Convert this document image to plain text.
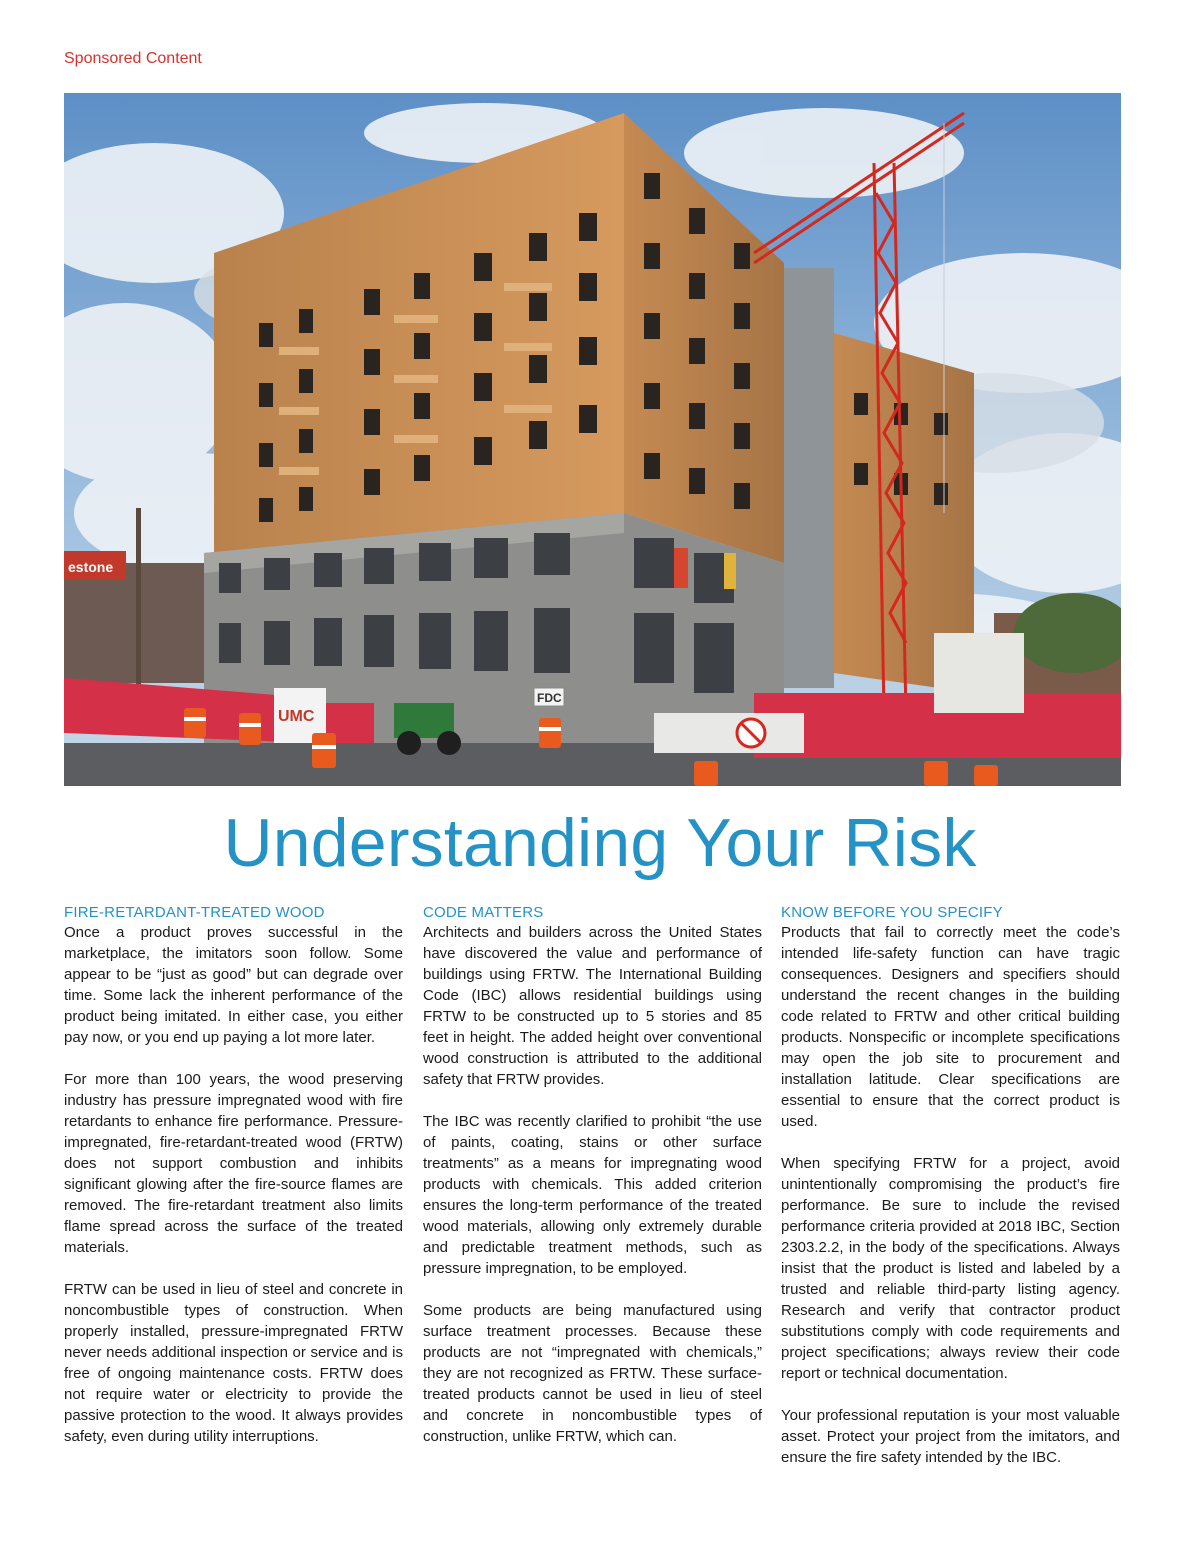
Sponsored Content
estone
UMC
FDC
Understanding Your Risk
FIRE-RETARDANT-TREATED WOOD

Once a product proves successful in the marketplace, the imitators soon follow. Some appear to be “just as good” but can degrade over time. Some lack the inherent performance of the product being imitated. In either case, you either pay now, or you end up paying a lot more later.

For more than 100 years, the wood preserving industry has pressure impregnated wood with fire retardants to enhance fire performance. Pressure-impregnated, fire-retardant-treated wood (FRTW) does not support combustion and inhibits significant glowing after the fire-source flames are removed. The fire-retardant treatment also limits flame spread across the surface of the treated materials.

FRTW can be used in lieu of steel and concrete in noncombustible types of construction. When properly installed, pressure-impregnated FRTW never needs additional inspection or service and is free of ongoing maintenance costs. FRTW does not require water or electricity to provide the passive protection to the wood. It always provides safety, even during utility interruptions.

CODE MATTERS

Architects and builders across the United States have discovered the value and performance of buildings using FRTW. The International Building Code (IBC) allows residential buildings using FRTW to be constructed up to 5 stories and 85 feet in height. The added height over conventional wood construction is attributed to the additional safety that FRTW provides.

The IBC was recently clarified to prohibit “the use of paints, coating, stains or other surface treatments” as a means for impregnating wood products with chemicals. This added criterion ensures the long-term performance of the treated wood materials, allowing only extremely durable and predictable treatment methods, such as pressure impregnation, to be employed.

Some products are being manufactured using surface treatment processes. Because these products are not “impregnated with chemicals,” they are not recognized as FRTW. These surface-treated products cannot be used in lieu of steel and concrete in noncombustible types of construction, unlike FRTW, which can.

KNOW BEFORE YOU SPECIFY

Products that fail to correctly meet the code’s intended life-safety function can have tragic consequences. Designers and specifiers should understand the recent changes in the building code related to FRTW and other critical building products. Nonspecific or incomplete specifications may open the job site to procurement and installation latitude. Clear specifications are essential to ensure that the correct product is used.

When specifying FRTW for a project, avoid unintentionally compromising the product’s fire performance. Be sure to include the revised performance criteria provided at 2018 IBC, Section 2303.2.2, in the body of the specifications. Always insist that the product is listed and labeled by a trusted and reliable third-party listing agency. Research and verify that contractor product substitutions comply with code requirements and project specifications; always review their code report or technical documentation.

Your professional reputation is your most valuable asset. Protect your project from the imitators, and ensure the fire safety intended by the IBC.
